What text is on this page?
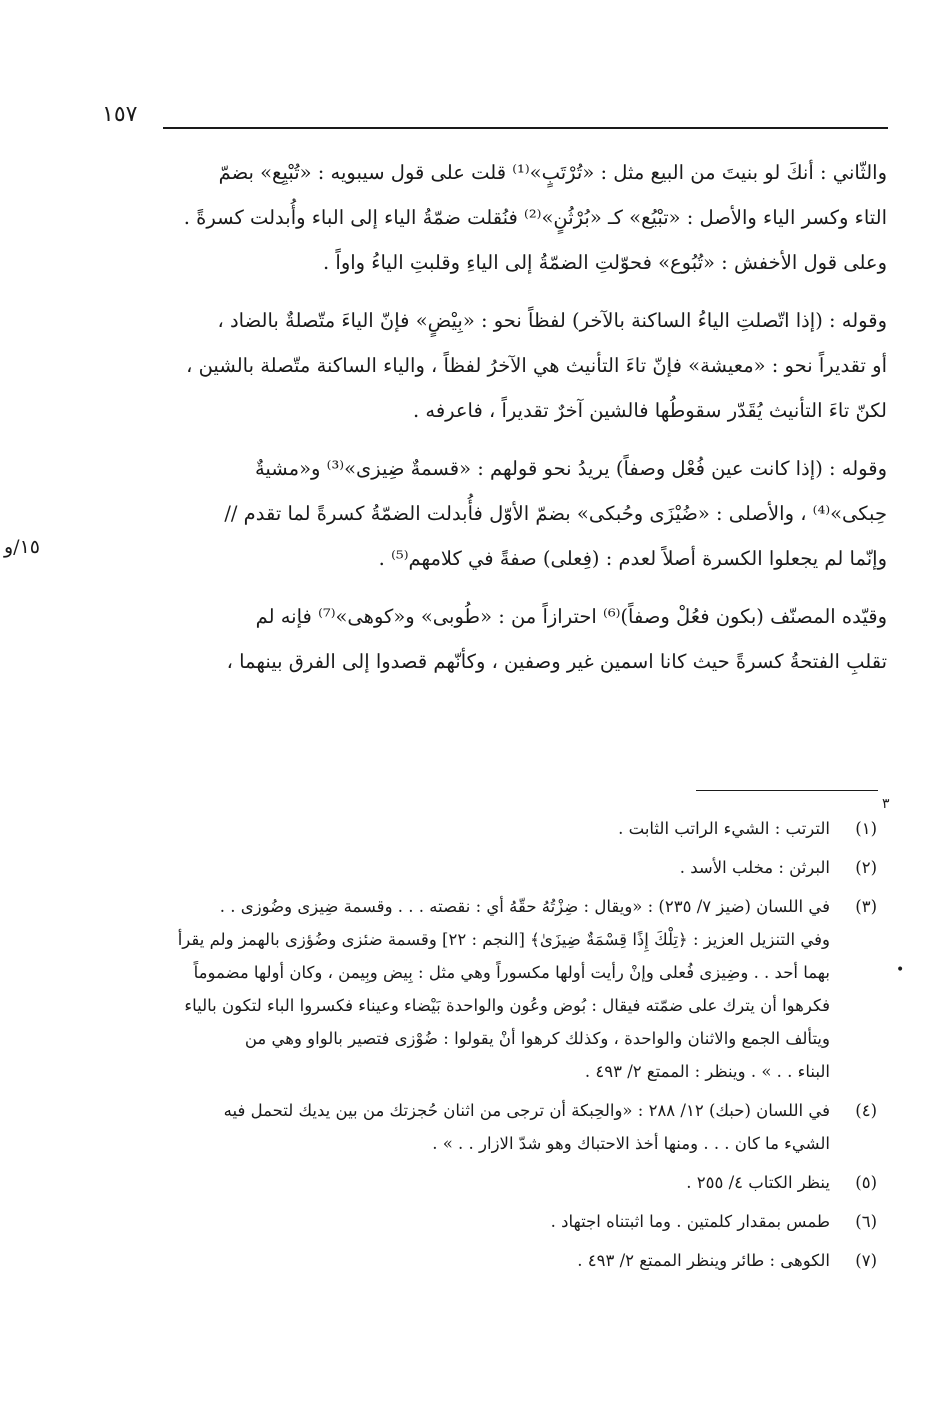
١٥٧
١٥/و
٣
•
والثّاني : أنكَ لو بنيتَ من البيع مثل : «تُرْتَبٍ»⁽¹⁾ قلت على قول سيبويه : «تُبْيِع» بضمّ
التاء وكسر الياء والأصل : «تبْيُع» كـ «بُرْثُنٍ»⁽²⁾ فنُقلت ضمّةُ الياء إلى الباء وأُبدلت كسرةً .
وعلى قول الأخفش : «تُبُوع» فحوّلتِ الضمّةُ إلى الياءِ وقلبتِ الياءُ واواً .
وقوله : (إذا اتّصلتِ الياءُ الساكنة بالآخر) لفظاً نحو : «بِيْضٍ» فإنّ الياءَ متّصلةٌ بالضاد ،
أو تقديراً نحو : «معيشة» فإنّ تاءَ التأنيث هي الآخرُ لفظاً ، والياء الساكنة متّصلة بالشين ،
لكنّ تاءَ التأنيث يُقَدّر سقوطُها فالشين آخرٌ تقديراً ، فاعرفه .
وقوله : (إذا كانت عين فُعْل وصفاً) يريدُ نحو قولهم : «قسمةٌ ضِيزى»⁽³⁾ و«مشيةٌ
حِبكى»⁽⁴⁾ ، والأصلى : «ضُيْزَى وحُبكى» بضمّ الأوّل فأُبدلت الضمّةُ كسرةً لما تقدم //
وإنّما لم يجعلوا الكسرة أصلاً لعدم : (فِعلى) صفةً في كلامهم⁽⁵⁾ .
وقيّده المصنّف (بكون فعُلْ وصفاً)⁽⁶⁾ احترازاً من : «طُوبى» و«كوهى»⁽⁷⁾ فإنه لم
تقلبِ الفتحةُ كسرةً حيث كانا اسمين غير وصفين ، وكأنّهم قصدوا إلى الفرق بينهما ،
(١)
الترتب : الشيء الراتب الثابت .
(٢)
البرثن : مخلب الأسد .
(٣)
في اللسان (ضيز ٧/ ٢٣٥) : «ويقال : ضِزْتُهُ حقّهُ أي : نقصته . . . وقسمة ضِيزى وضُوزى . .
وفي التنزيل العزيز : ﴿تِلْكَ إِذًا قِسْمَةٌ ضِيزَىٰ﴾ [النجم : ٢٢] وقسمة ضئزى وضُؤزى بالهمز ولم يقرأ
بهما أحد . . وضِيزى فُعلى وإنْ رأيت أولها مكسوراً وهي مثل : بِيض وبِيمن ، وكان أولها مضموماً
فكرهوا أن يترك على ضمّته فيقال : بُوض وعُون والواحدة بَيْضاء وعيناء فكسروا الباء لتكون بالياء
ويتألف الجمع والاثنان والواحدة ، وكذلك كرهوا أنْ يقولوا : ضُوْزى فتصير بالواو وهي من
البناء . . » . وينظر : الممتع ٢/ ٤٩٣ .
(٤)
في اللسان (حبك) ١٢/ ٢٨٨ : «والحِبكة أن ترجى من اثنان حُجزتك من بين يديك لتحمل فيه
الشيء ما كان . . . ومنها أخذ الاحتباك وهو شدّ الازار . . » .
(٥)
ينظر الكتاب ٤/ ٢٥٥ .
(٦)
طمس بمقدار كلمتين . وما اثبتناه اجتهاد .
(٧)
الكوهى : طائر وينظر الممتع ٢/ ٤٩٣ .
